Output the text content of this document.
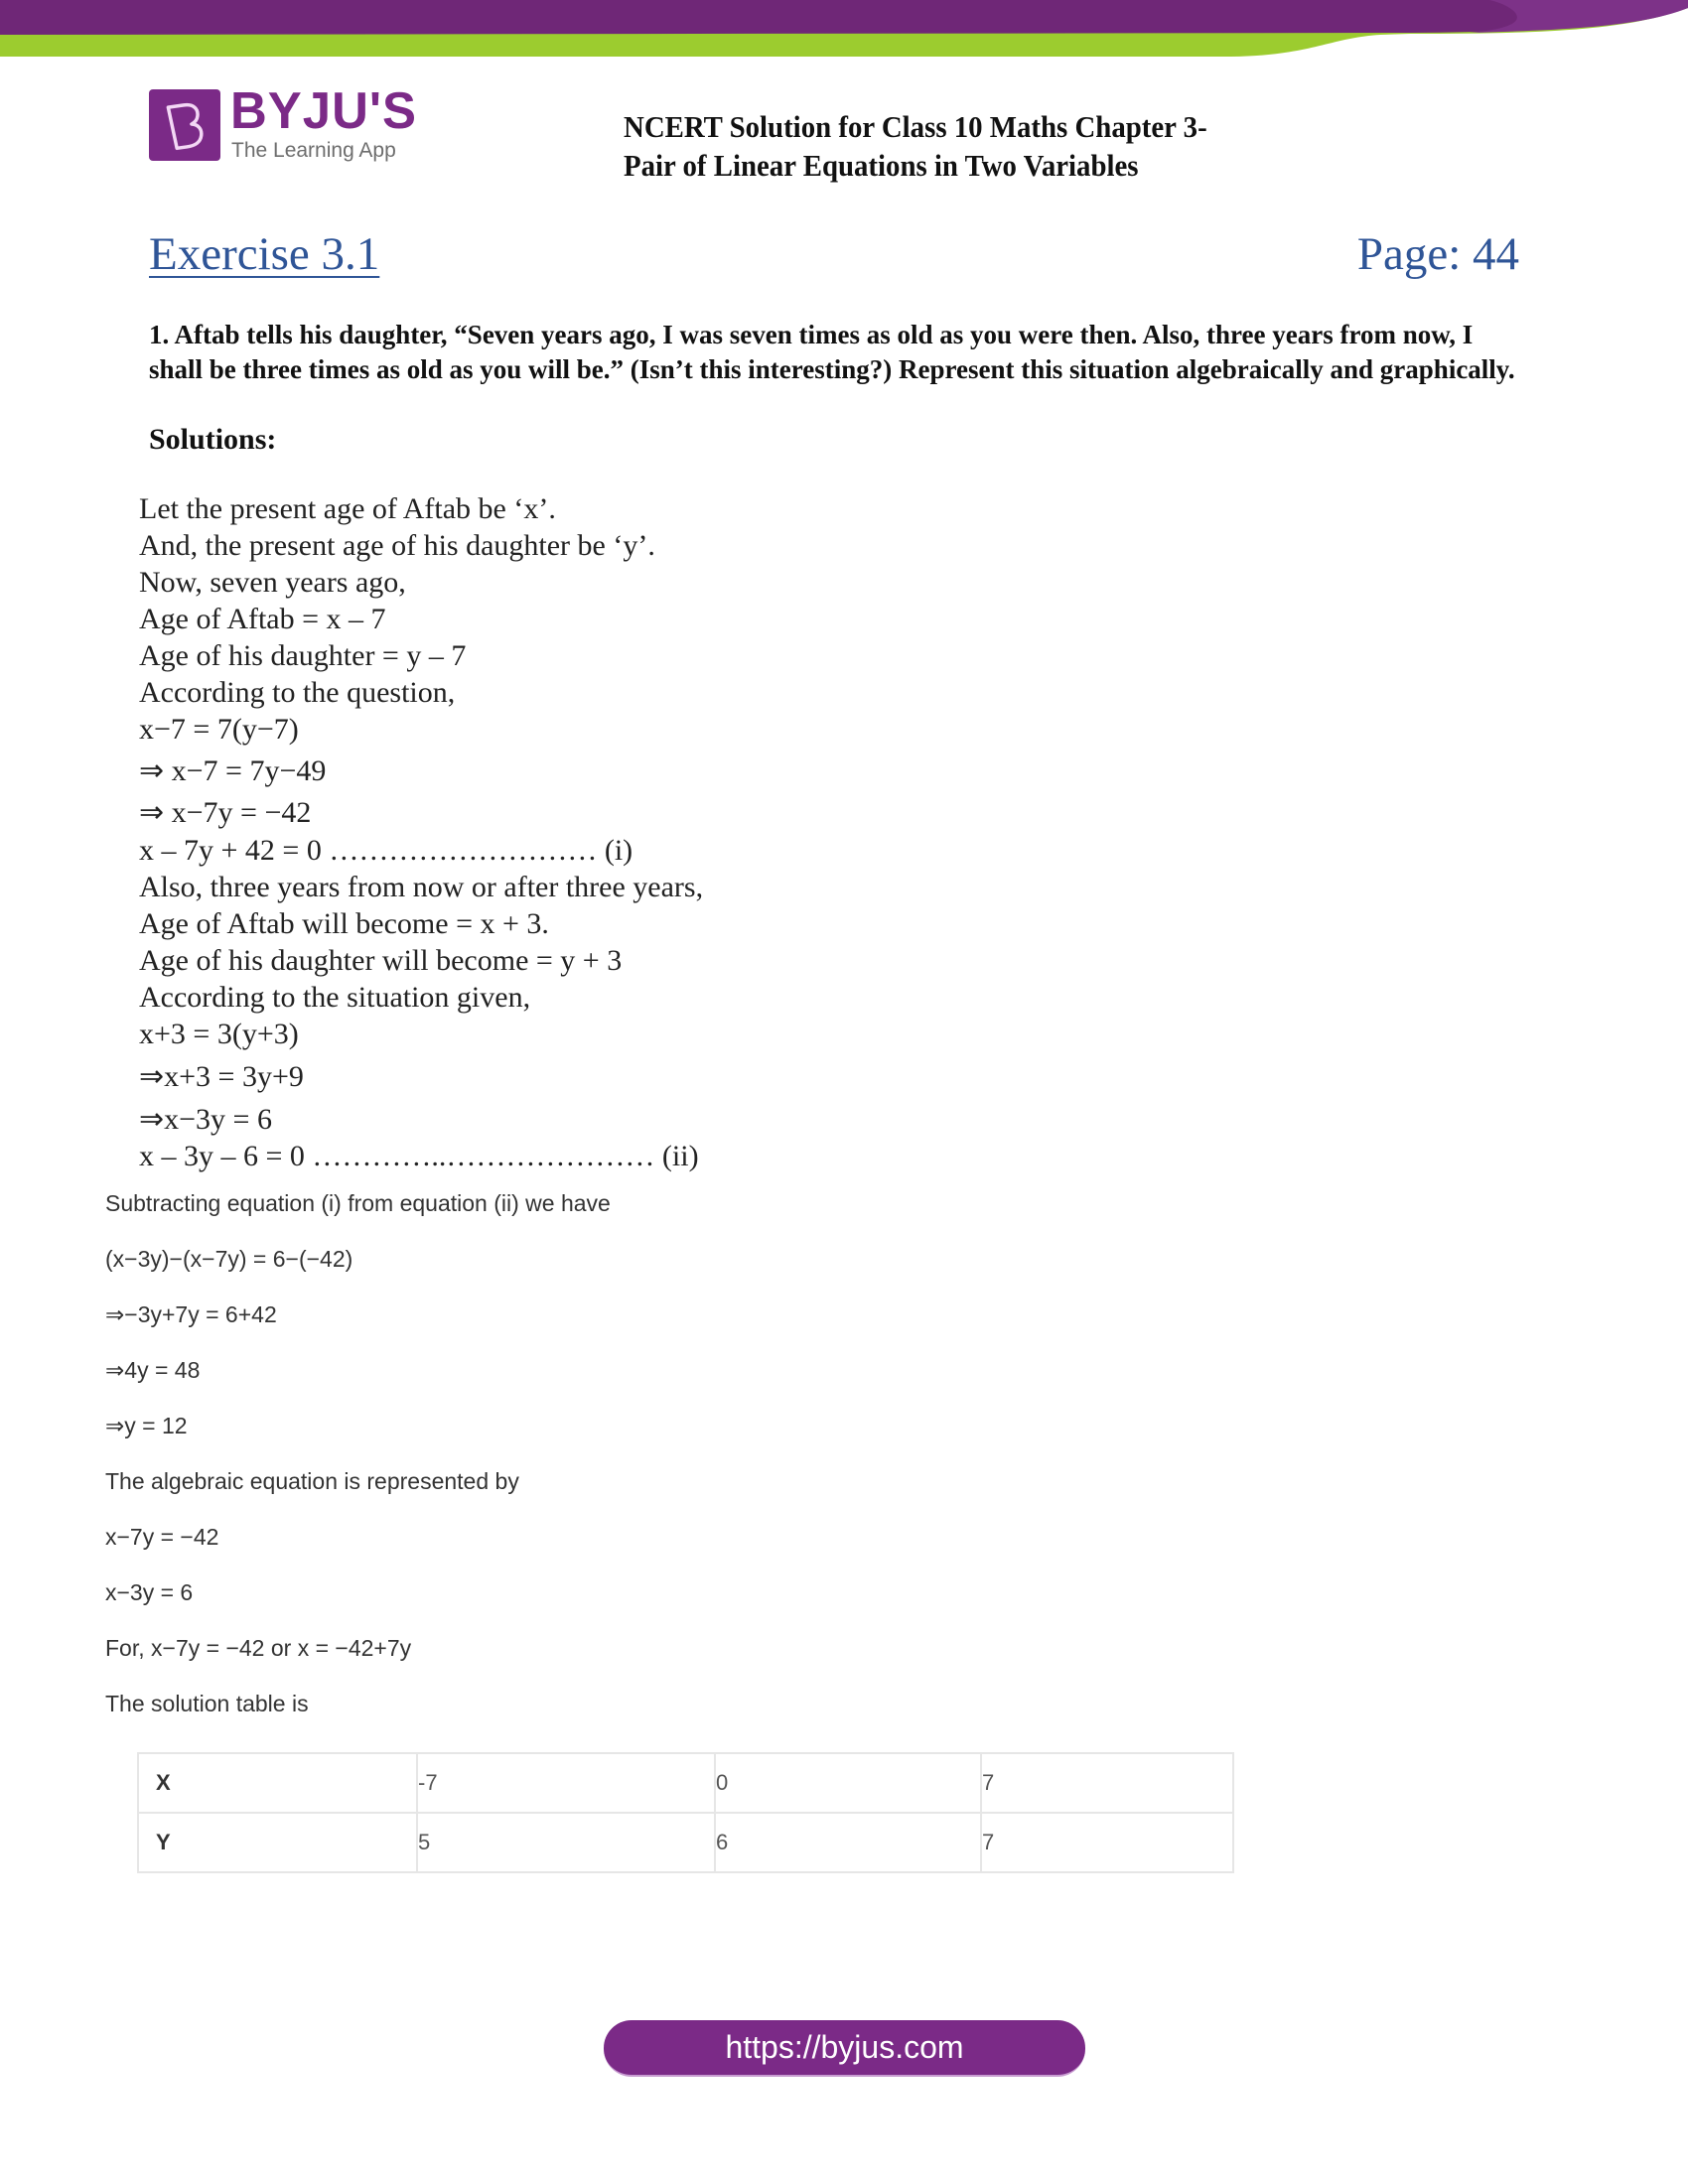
BYJU'S
The Learning App
NCERT Solution for Class 10 Maths Chapter 3-
Pair of Linear Equations in Two Variables
Exercise 3.1	Page: 44
1. Aftab tells his daughter, “Seven years ago, I was seven times as old as you were then. Also, three years from now, I shall be three times as old as you will be.” (Isn’t this interesting?) Represent this situation algebraically and graphically.
Solutions:
Let the present age of Aftab be ‘x’.
And, the present age of his daughter be ‘y’.
Now, seven years ago,
Age of Aftab = x – 7
Age of his daughter = y – 7
According to the question,
x−7 = 7(y−7)
⇒ x−7 = 7y−49
⇒ x−7y = −42
x – 7y + 42 = 0 ……………………… (i)
Also, three years from now or after three years,
Age of Aftab will become = x + 3.
Age of his daughter will become = y + 3
According to the situation given,
x+3 = 3(y+3)
⇒x+3 = 3y+9
⇒x−3y = 6
x – 3y – 6 = 0 …………..………………… (ii)
Subtracting equation (i) from equation (ii) we have
(x−3y)−(x−7y) = 6−(−42)
⇒−3y+7y = 6+42
⇒4y = 48
⇒y = 12
The algebraic equation is represented by
x−7y = −42
x−3y = 6
For, x−7y = −42 or x = −42+7y
The solution table is
X	-7	0	7
Y	5	6	7
https://byjus.com
